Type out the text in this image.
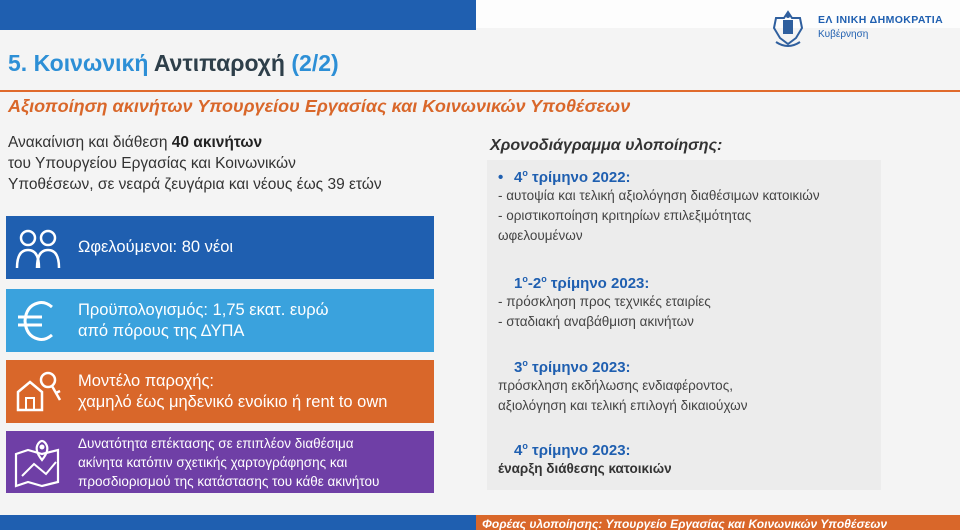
ΕΛ ΙΝΙΚΗ ΔΗΜΟΚΡΑΤΙΑ
Κυβέρνηση
5. Κοινωνική Αντιπαροχή (2/2)
Αξιοποίηση ακινήτων Υπουργείου Εργασίας και Κοινωνικών Υποθέσεων
Ανακαίνιση και διάθεση 40 ακινήτων
του Υπουργείου Εργασίας και Κοινωνικών
Υποθέσεων, σε νεαρά ζευγάρια και νέους έως 39 ετών
Ωφελούμενοι: 80 νέοι
Προϋπολογισμός: 1,75 εκατ. ευρώ
από πόρους της ΔΥΠΑ
Μοντέλο παροχής:
χαμηλό έως μηδενικό ενοίκιο ή rent to own
Δυνατότητα επέκτασης σε επιπλέον διαθέσιμα
ακίνητα κατόπιν σχετικής χαρτογράφησης και
προσδιορισμού της κατάστασης του κάθε ακινήτου
Χρονοδιάγραμμα υλοποίησης:
• $4^o$ τρίμηνο 2022:
- αυτοψία και τελική αξιολόγηση διαθέσιμων κατοικιών
- οριστικοποίηση κριτηρίων επιλεξιμότητας
ωφελουμένων
$1^o-2^o$ τρίμηνο 2023:
- πρόσκληση προς τεχνικές εταιρίες
- σταδιακή αναβάθμιση ακινήτων
$3^o$ τρίμηνο 2023:
πρόσκληση εκδήλωσης ενδιαφέροντος,
αξιολόγηση και τελική επιλογή δικαιούχων
$4^o$ τρίμηνο 2023:
έναρξη διάθεσης κατοικιών
Φορέας υλοποίησης: Υπουργείο Εργασίας και Κοινωνικών Υποθέσεων
